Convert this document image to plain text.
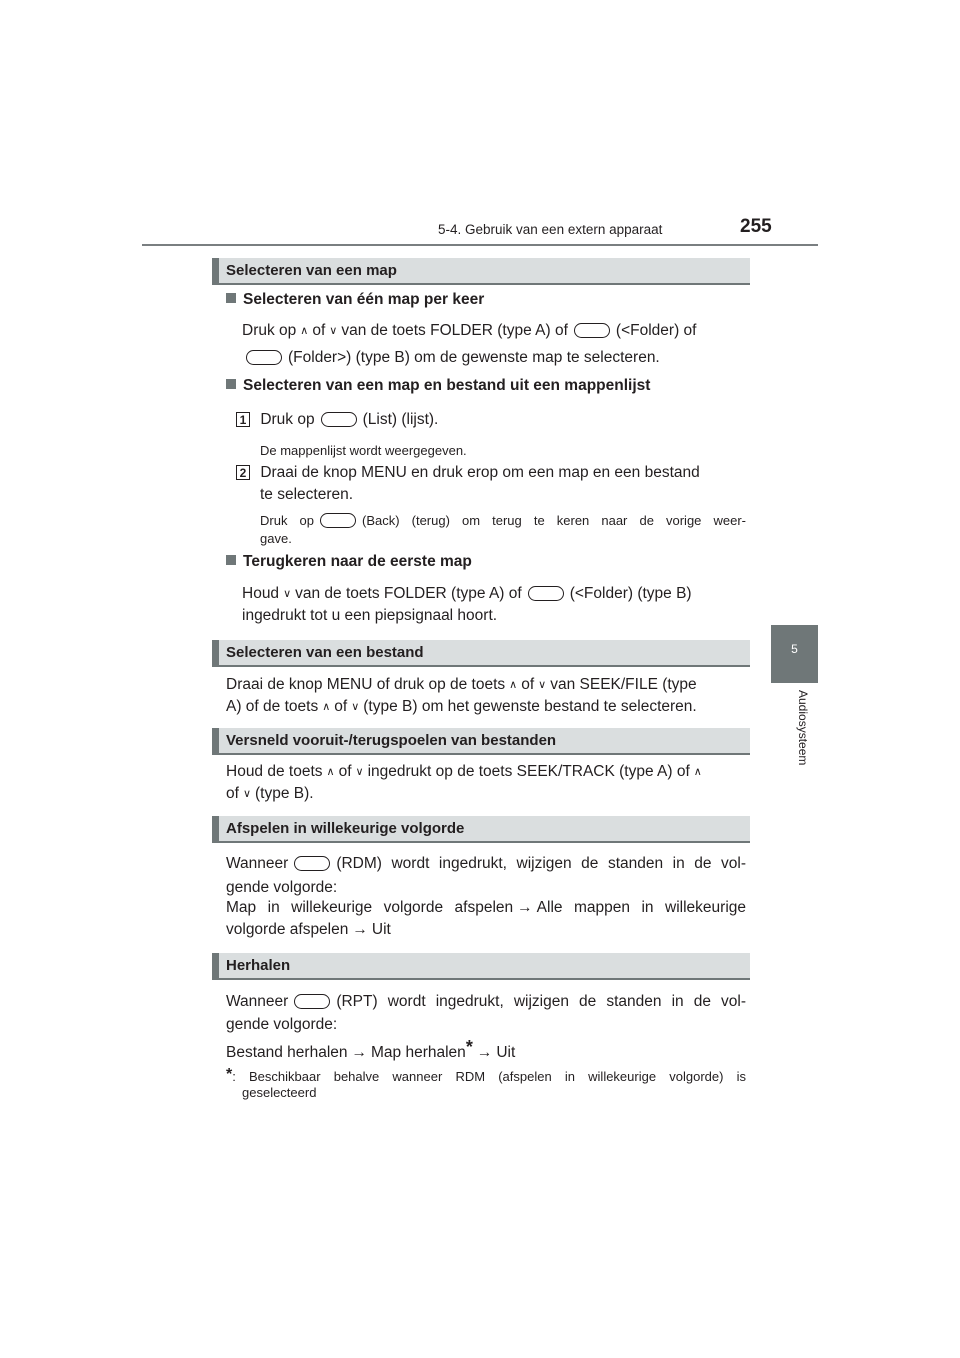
5-4. Gebruik van een extern apparaat	255
5
Audiosysteem
Selecteren van een map
Selecteren van één map per keer
Druk op ∧ of ∨ van de toets FOLDER (type A) of	(<Folder) of
(Folder>) (type B) om de gewenste map te selecteren.
Selecteren van een map en bestand uit een mappenlijst
1 Druk op	(List) (lijst).
De mappenlijst wordt weergegeven.
2 Draai de knop MENU en druk erop om een map en een bestand
te selecteren.
Druk op	(Back) (terug) om terug te keren naar de vorige weer-
gave.
Terugkeren naar de eerste map
Houd ∨ van de toets FOLDER (type A) of	(<Folder) (type B)
ingedrukt tot u een piepsignaal hoort.
Selecteren van een bestand
Draai de knop MENU of druk op de toets ∧ of ∨ van SEEK/FILE (type
A) of de toets ∧ of ∨ (type B) om het gewenste bestand te selecteren.
Versneld vooruit-/terugspoelen van bestanden
Houd de toets ∧ of ∨ ingedrukt op de toets SEEK/TRACK (type A) of ∧
of ∨ (type B).
Afspelen in willekeurige volgorde
Wanneer	(RDM) wordt ingedrukt, wijzigen de standen in de vol-
gende volgorde:
Map in willekeurige volgorde afspelen → Alle mappen in willekeurige
volgorde afspelen → Uit
Herhalen
Wanneer	(RPT) wordt ingedrukt, wijzigen de standen in de vol-
gende volgorde:
Bestand herhalen → Map herhalen* → Uit
*: Beschikbaar behalve wanneer RDM (afspelen in willekeurige volgorde) is
geselecteerd
